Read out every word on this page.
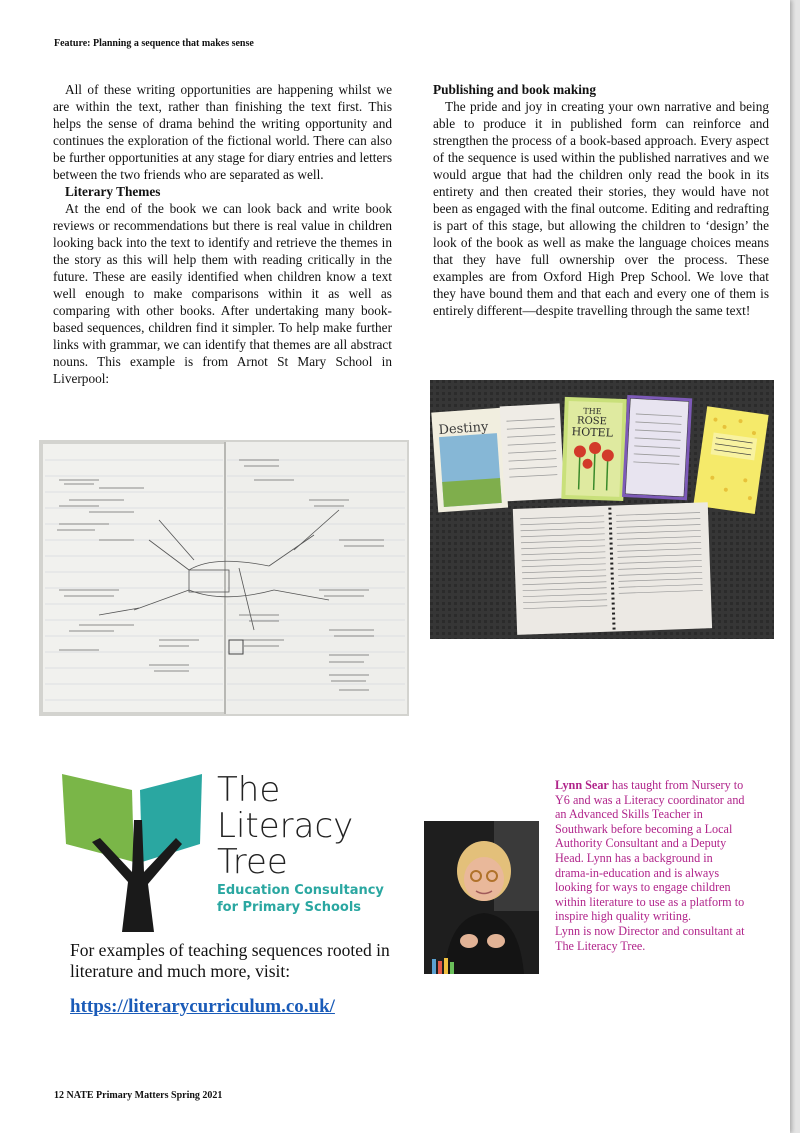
Feature: Planning a sequence that makes sense

All of these writing opportunities are happening whilst we are within the text, rather than finishing the text first. This helps the sense of drama behind the writing opportunity and continues the exploration of the fictional world. There can also be further opportunities at any stage for diary entries and letters between the two friends who are separated as well.

Literary Themes

At the end of the book we can look back and write book reviews or recommendations but there is real value in children looking back into the text to identify and retrieve the themes in the story as this will help them with reading critically in the future. These are easily identified when children know a text well enough to make comparisons within it as well as comparing with other books. After undertaking many book-based sequences, children find it simpler. To help make further links with grammar, we can identify that themes are all abstract nouns. This example is from Arnot St Mary School in Liverpool:

Publishing and book making

The pride and joy in creating your own narrative and being able to produce it in published form can reinforce and strengthen the process of a book-based approach. Every aspect of the sequence is used within the published narratives and we would argue that had the children only read the book in its entirety and then created their stories, they would have not been as engaged with the final outcome. Editing and redrafting is part of this stage, but allowing the children to ‘design’ the look of the book as well as make the language choices means that they have full ownership over the process. These examples are from Oxford High Prep School. We love that they have bound them and that each and every one of them is entirely different—despite travelling through the same text!

Destiny
THE
ROSE
HOTEL
The
Literacy
Tree
Education Consultancy
for Primary Schools
For examples of teaching sequences rooted in literature and much more, visit:
https://literarycurriculum.co.uk/
Lynn Sear has taught from Nursery to Y6 and was a Literacy coordinator and an Advanced Skills Teacher in Southwark before becoming a Local Authority Consultant and a Deputy Head. Lynn has a background in drama-in-education and is always looking for ways to engage children within literature to use as a platform to inspire high quality writing.
Lynn is now Director and consultant at The Literacy Tree.
12 NATE Primary Matters Spring 2021
